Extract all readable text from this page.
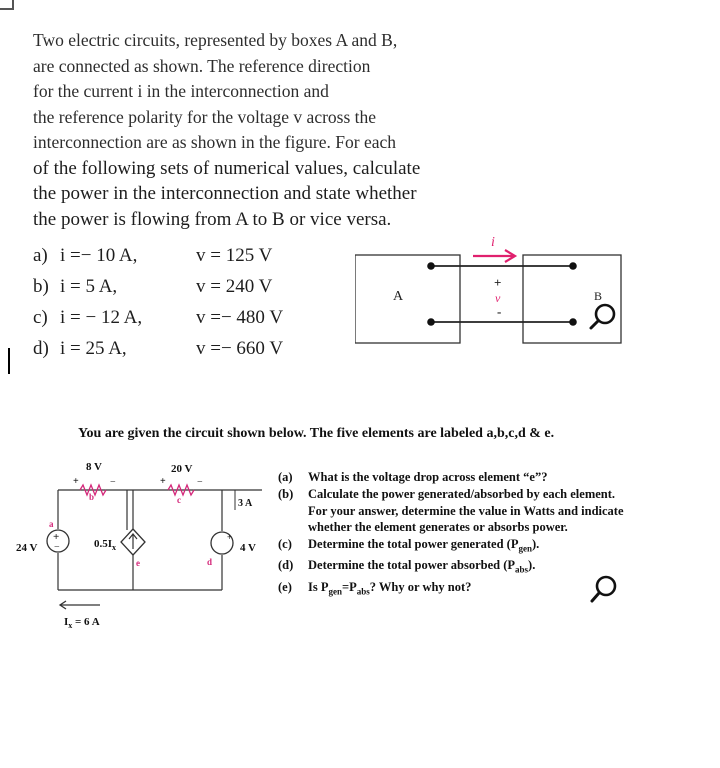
Two electric circuits, represented by boxes A and B,
are connected as shown. The reference direction
for the current i in the interconnection and
the reference polarity for the voltage v across the
interconnection are as shown in the figure. For each
of the following sets of numerical values, calculate
the power in the interconnection and state whether
the power is flowing from A to B or vice versa.
a) i =− 10 A,	v = 125 V
b) i = 5 A,	v = 240 V
c) i = − 12 A,	v =− 480 V
d) i = 25 A,	v =− 660 V
i
+
v
-
A	B
You are given the circuit shown below. The five elements are labeled a,b,c,d & e.
+
−
+
8 V	20 V
+	−	+	−
b	c
a
e	d
24 V	$0.5I_x$
3 A
4 V
$I_x = 6$ A
(a) What is the voltage drop across element “e”?
(b) Calculate the power generated/absorbed by each element.
For your answer, determine the value in Watts and indicate
whether the element generates or absorbs power.
(c) Determine the total power generated $(P_{gen})$.
(d) Determine the total power absorbed $(P_{abs})$.
(e) Is $P_{gen}=P_{abs}$? Why or why not?
